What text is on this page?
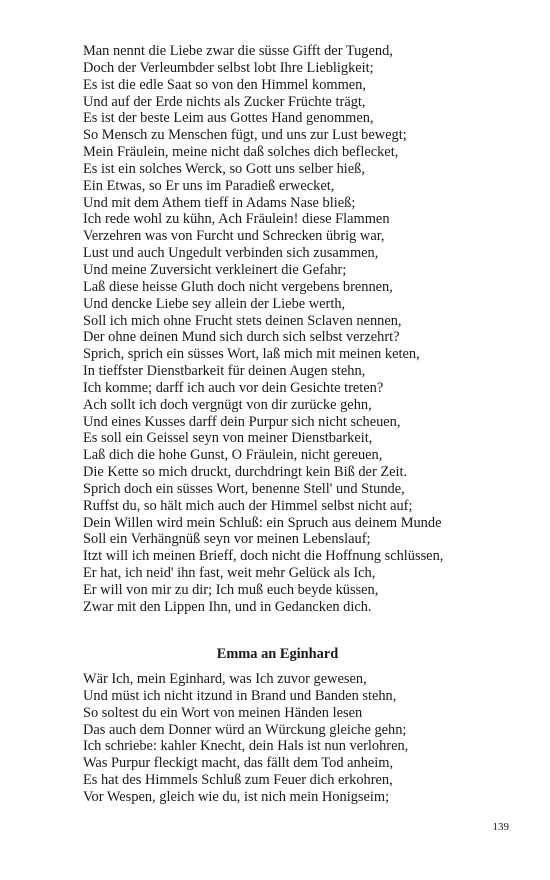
Man nennt die Liebe zwar die süsse Gifft der Tugend,
Doch der Verleumbder selbst lobt Ihre Liebligkeit;
Es ist die edle Saat so von den Himmel kommen,
Und auf der Erde nichts als Zucker Früchte trägt,
Es ist der beste Leim aus Gottes Hand genommen,
So Mensch zu Menschen fügt, und uns zur Lust bewegt;
Mein Fräulein, meine nicht daß solches dich beflecket,
Es ist ein solches Werck, so Gott uns selber hieß,
Ein Etwas, so Er uns im Paradieß erwecket,
Und mit dem Athem tieff in Adams Nase bließ;
Ich rede wohl zu kühn, Ach Fräulein! diese Flammen
Verzehren was von Furcht und Schrecken übrig war,
Lust und auch Ungedult verbinden sich zusammen,
Und meine Zuversicht verkleinert die Gefahr;
Laß diese heisse Gluth doch nicht vergebens brennen,
Und dencke Liebe sey allein der Liebe werth,
Soll ich mich ohne Frucht stets deinen Sclaven nennen,
Der ohne deinen Mund sich durch sich selbst verzehrt?
Sprich, sprich ein süsses Wort, laß mich mit meinen keten,
In tieffster Dienstbarkeit für deinen Augen stehn,
Ich komme; darff ich auch vor dein Gesichte treten?
Ach sollt ich doch vergnügt von dir zurücke gehn,
Und eines Kusses darff dein Purpur sich nicht scheuen,
Es soll ein Geissel seyn von meiner Dienstbarkeit,
Laß dich die hohe Gunst, O Fräulein, nicht gereuen,
Die Kette so mich druckt, durchdringt kein Biß der Zeit.
Sprich doch ein süsses Wort, benenne Stell' und Stunde,
Ruffst du, so hält mich auch der Himmel selbst nicht auf;
Dein Willen wird mein Schluß: ein Spruch aus deinem Munde
Soll ein Verhängnüß seyn vor meinen Lebenslauf;
Itzt will ich meinen Brieff, doch nicht die Hoffnung schlüssen,
Er hat, ich neid' ihn fast, weit mehr Gelück als Ich,
Er will von mir zu dir; Ich muß euch beyde küssen,
Zwar mit den Lippen Ihn, und in Gedancken dich.
Emma an Eginhard
Wär Ich, mein Eginhard, was Ich zuvor gewesen,
Und müst ich nicht itzund in Brand und Banden stehn,
So soltest du ein Wort von meinen Händen lesen
Das auch dem Donner würd an Würckung gleiche gehn;
Ich schriebe: kahler Knecht, dein Hals ist nun verlohren,
Was Purpur fleckigt macht, das fällt dem Tod anheim,
Es hat des Himmels Schluß zum Feuer dich erkohren,
Vor Wespen, gleich wie du, ist nich mein Honigseim;
139
